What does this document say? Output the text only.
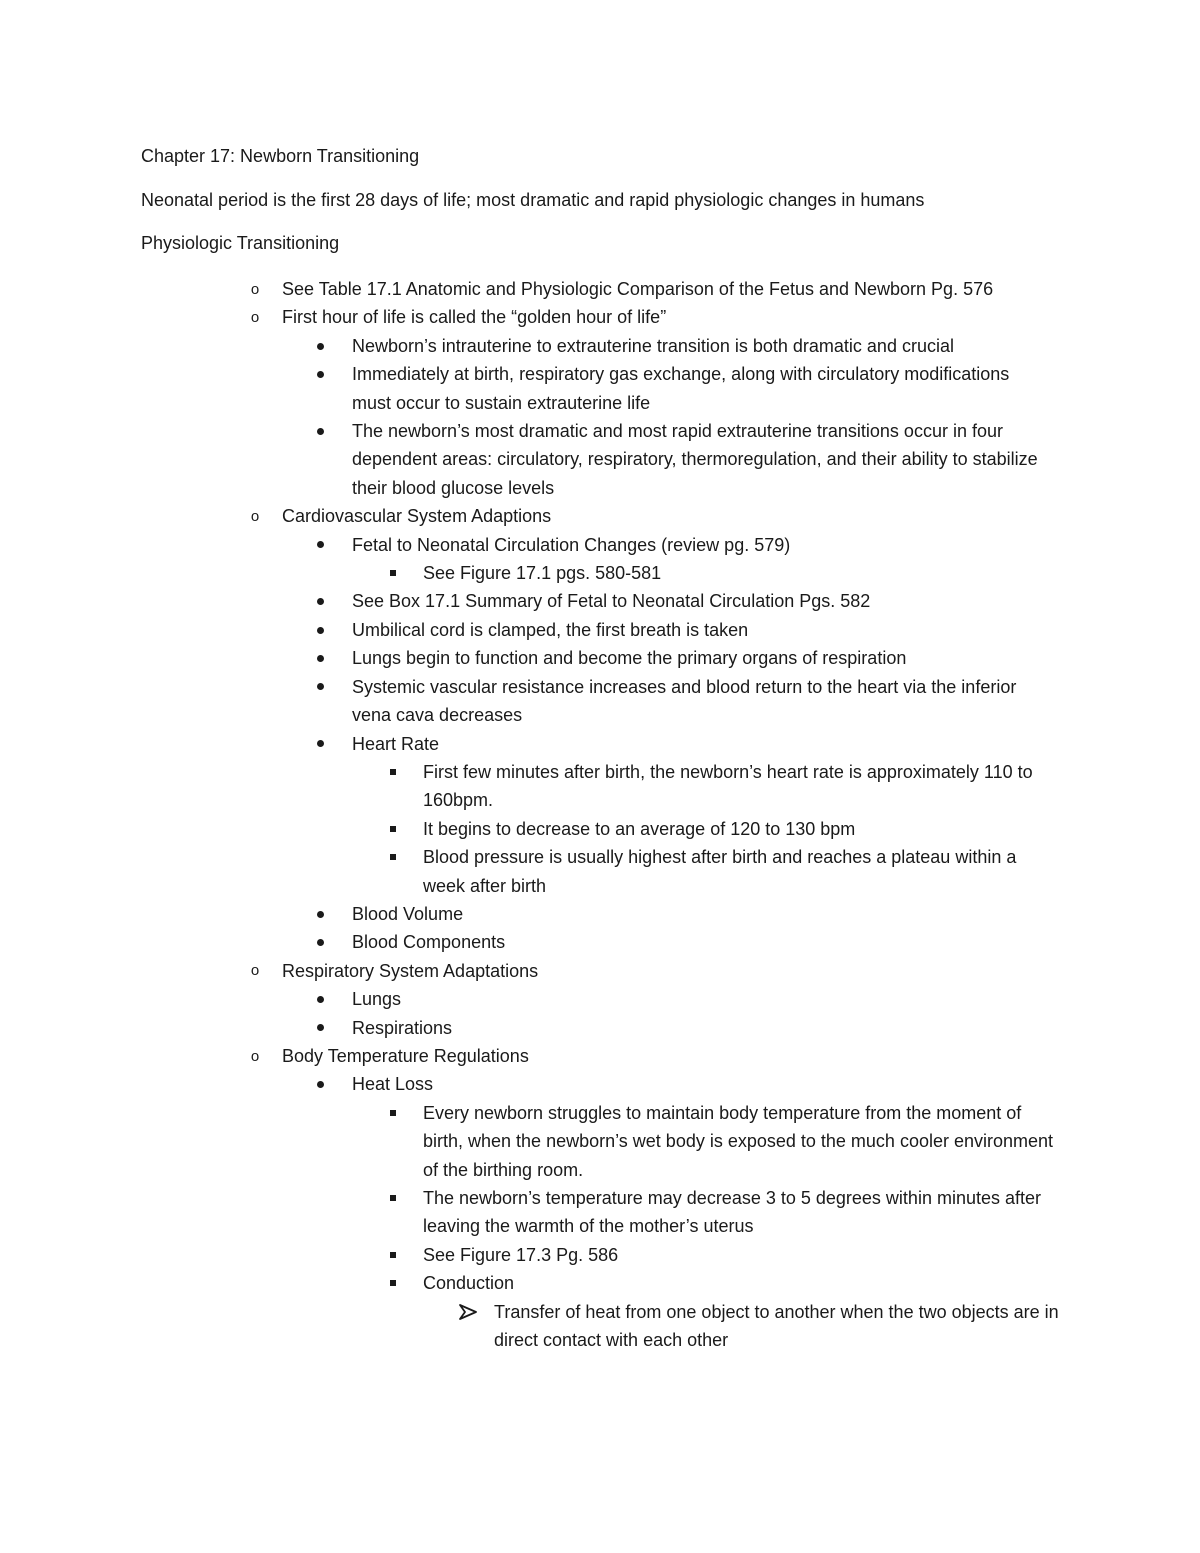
Chapter 17: Newborn Transitioning
Neonatal period is the first 28 days of life; most dramatic and rapid physiologic changes in humans
Physiologic Transitioning
o See Table 17.1 Anatomic and Physiologic Comparison of the Fetus and Newborn Pg. 576
o First hour of life is called the “golden hour of life”
Newborn’s intrauterine to extrauterine transition is both dramatic and crucial
Immediately at birth, respiratory gas exchange, along with circulatory modifications must occur to sustain extrauterine life
The newborn’s most dramatic and most rapid extrauterine transitions occur in four dependent areas: circulatory, respiratory, thermoregulation, and their ability to stabilize their blood glucose levels
o Cardiovascular System Adaptions
Fetal to Neonatal Circulation Changes (review pg. 579)
See Figure 17.1 pgs. 580-581
See Box 17.1 Summary of Fetal to Neonatal Circulation Pgs. 582
Umbilical cord is clamped, the first breath is taken
Lungs begin to function and become the primary organs of respiration
Systemic vascular resistance increases and blood return to the heart via the inferior vena cava decreases
Heart Rate
First few minutes after birth, the newborn’s heart rate is approximately 110 to 160bpm.
It begins to decrease to an average of 120 to 130 bpm
Blood pressure is usually highest after birth and reaches a plateau within a week after birth
Blood Volume
Blood Components
o Respiratory System Adaptations
Lungs
Respirations
o Body Temperature Regulations
Heat Loss
Every newborn struggles to maintain body temperature from the moment of birth, when the newborn’s wet body is exposed to the much cooler environment of the birthing room.
The newborn’s temperature may decrease 3 to 5 degrees within minutes after leaving the warmth of the mother’s uterus
See Figure 17.3 Pg. 586
Conduction
Transfer of heat from one object to another when the two objects are in direct contact with each other
